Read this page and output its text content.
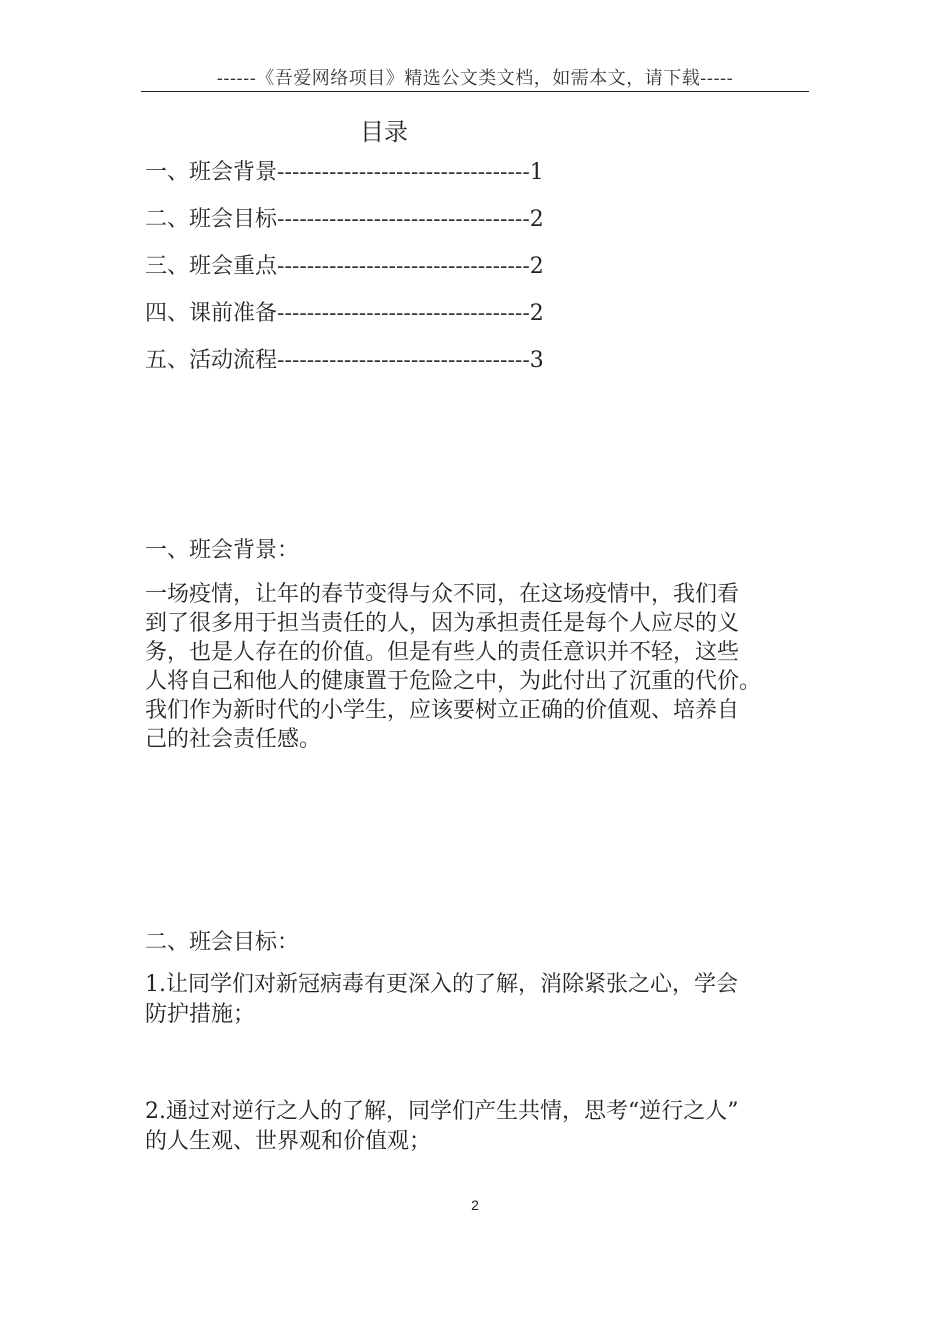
------《吾爱网络项目》精选公文类文档，如需本文，请下载-----
目录
一、班会背景 ---------------------------------- 1
二、班会目标 ---------------------------------- 2
三、班会重点 ---------------------------------- 2
四、课前准备 ---------------------------------- 2
五、活动流程 ---------------------------------- 3
一、班会背景：
一场疫情，让年的春节变得与众不同，在这场疫情中，我们看
到了很多用于担当责任的人，因为承担责任是每个人应尽的义
务，也是人存在的价值。但是有些人的责任意识并不轻，这些
人将自己和他人的健康置于危险之中，为此付出了沉重的代价。
我们作为新时代的小学生，应该要树立正确的价值观、培养自
己的社会责任感。
二、班会目标：
1.让同学们对新冠病毒有更深入的了解，消除紧张之心，学会
防护措施；
2.通过对逆行之人的了解，同学们产生共情，思考“逆行之人”
的人生观、世界观和价值观；
2
